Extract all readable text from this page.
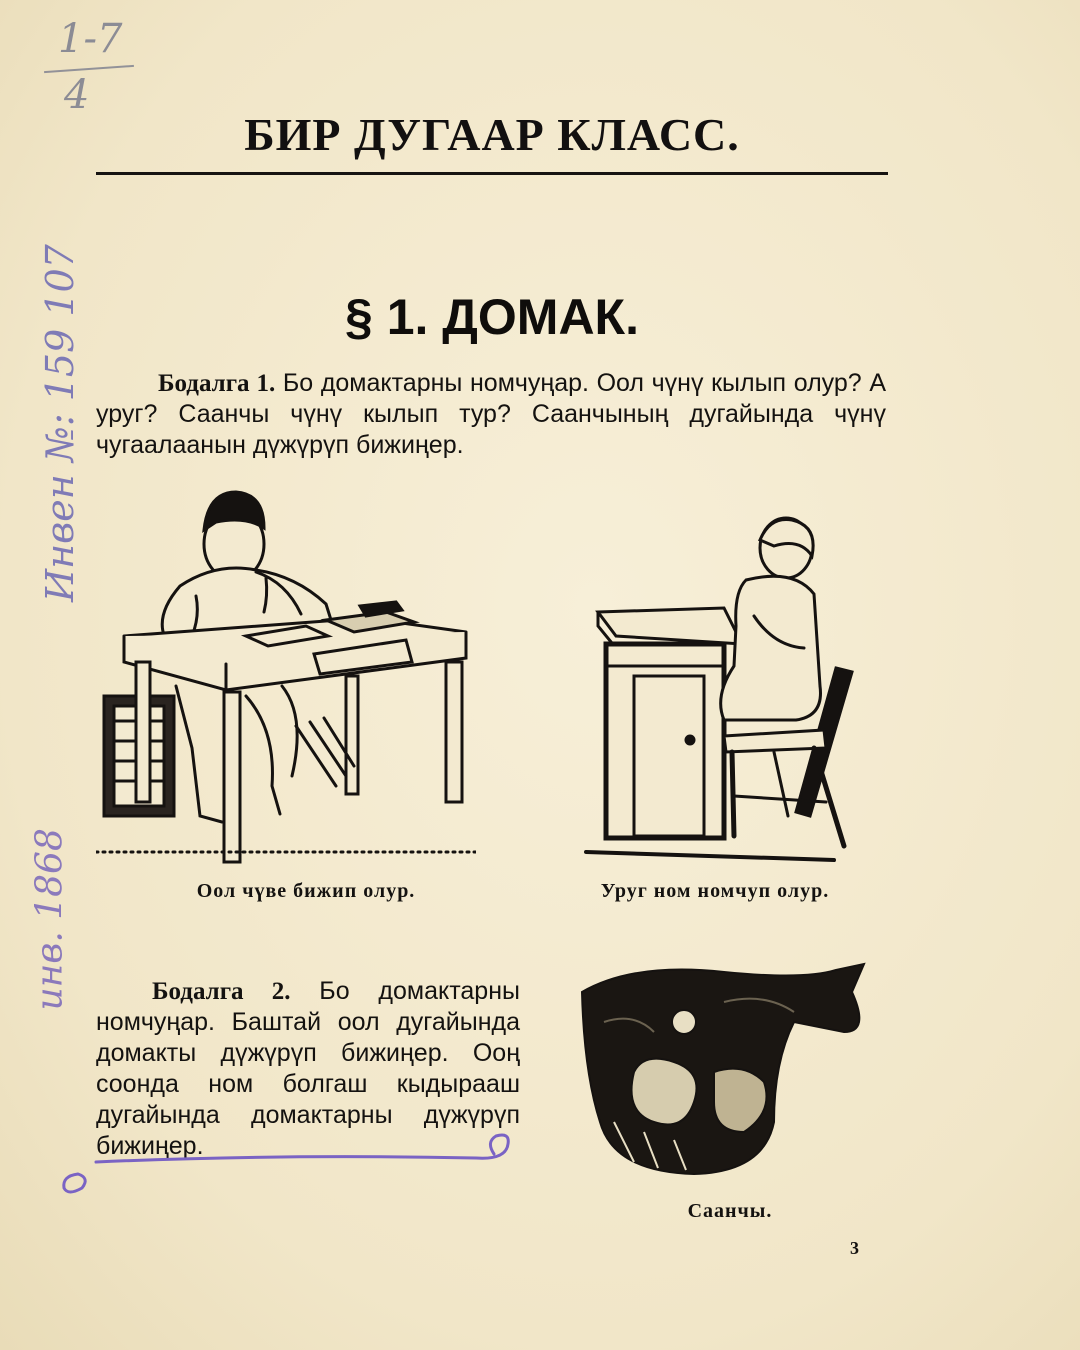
1-7
4
Инвен №: 159 107
инв. 1868
БИР ДУГААР КЛАСС.
§ 1. ДОМАК.

Бодалга 1. Бо домактарны номчуңар. Оол чүнү кылып олур? А уруг? Саанчы чүнү кылып тур? Саанчының дугайында чүнү чугаалаанын дүжүрүп бижиңер.

Оол чүве бижип олур.	Уруг ном номчуп олур.

Бодалга 2. Бо домактарны номчуңар. Баштай оол дугайында домакты дүжүрүп бижиңер. Ооң соонда ном болгаш кыдырааш дугайында домактарны дүжүрүп бижиңер.

Саанчы.
3
